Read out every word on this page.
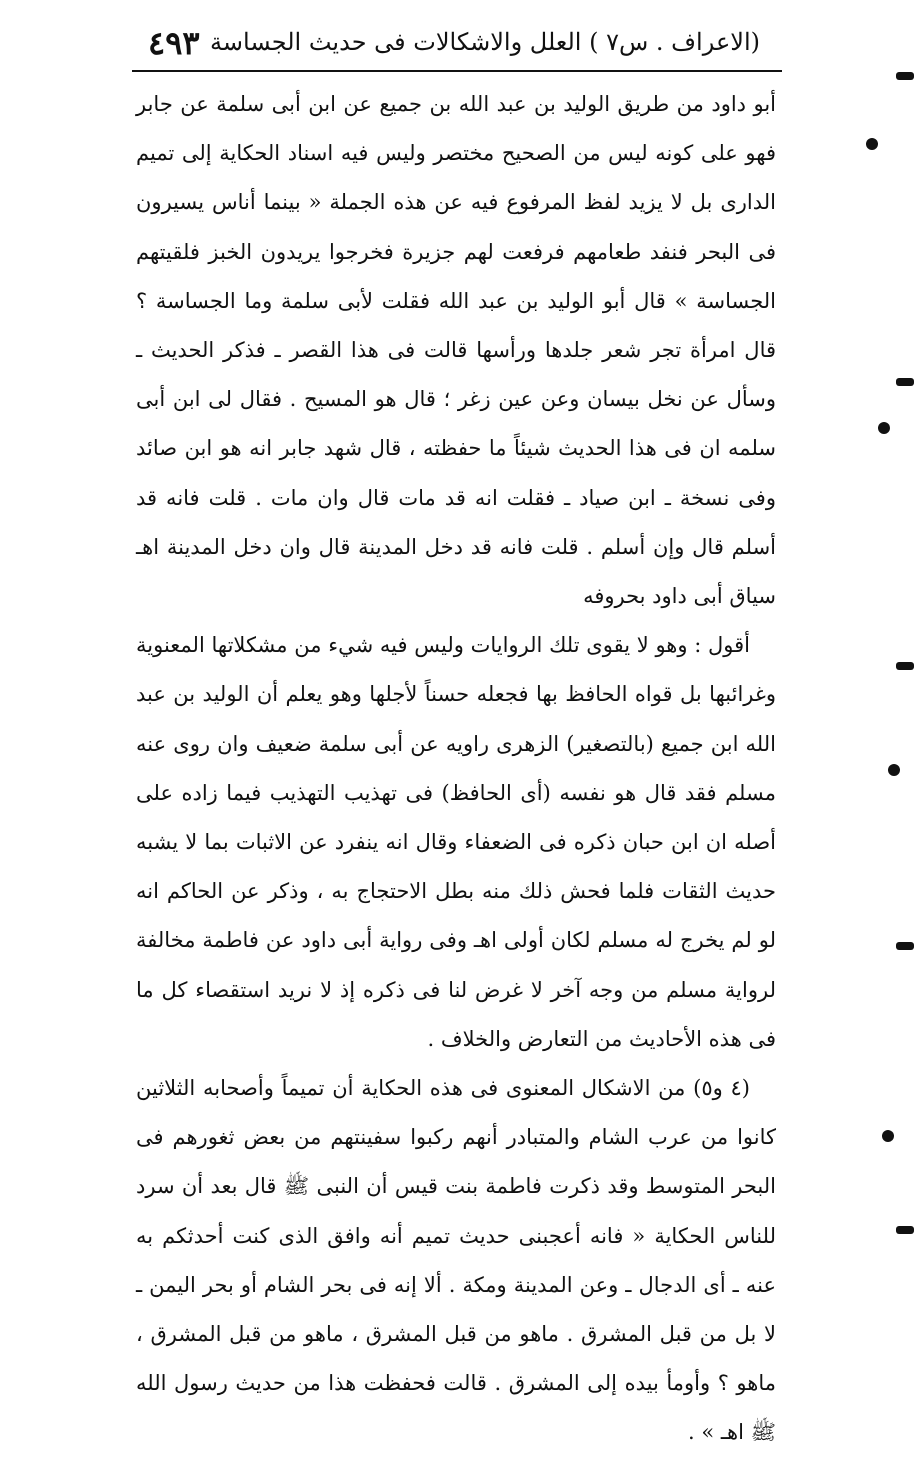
(الاعراف . س٧ ) العلل والاشكالات فى حديث الجساسة
٤٩٣

أبو داود من طريق الوليد بن عبد الله بن جميع عن ابن أبى سلمة عن جابر فهو على كونه ليس من الصحيح مختصر وليس فيه اسناد الحكاية إلى تميم الدارى بل لا يزيد لفظ المرفوع فيه عن هذه الجملة « بينما أناس يسيرون فى البحر فنفد طعامهم فرفعت لهم جزيرة فخرجوا يريدون الخبز فلقيتهم الجساسة » قال أبو الوليد بن عبد الله فقلت لأبى سلمة وما الجساسة ؟ قال امرأة تجر شعر جلدها ورأسها قالت فى هذا القصر ـ فذكر الحديث ـ وسأل عن نخل بيسان وعن عين زغر ؛ قال هو المسيح . فقال لى ابن أبى سلمه ان فى هذا الحديث شيئاً ما حفظته ، قال شهد جابر انه هو ابن صائد وفى نسخة ـ ابن صياد ـ فقلت انه قد مات قال وان مات . قلت فانه قد أسلم قال وإن أسلم . قلت فانه قد دخل المدينة قال وان دخل المدينة اهـ سياق أبى داود بحروفه

أقول : وهو لا يقوى تلك الروايات وليس فيه شيء من مشكلاتها المعنوية وغرائبها بل قواه الحافظ بها فجعله حسناً لأجلها وهو يعلم أن الوليد بن عبد الله ابن جميع (بالتصغير) الزهرى راويه عن أبى سلمة ضعيف وان روى عنه مسلم فقد قال هو نفسه (أى الحافظ) فى تهذيب التهذيب فيما زاده على أصله ان ابن حبان ذكره فى الضعفاء وقال انه ينفرد عن الاثبات بما لا يشبه حديث الثقات فلما فحش ذلك منه بطل الاحتجاج به ، وذكر عن الحاكم انه لو لم يخرج له مسلم لكان أولى اهـ وفى رواية أبى داود عن فاطمة مخالفة لرواية مسلم من وجه آخر لا غرض لنا فى ذكره إذ لا نريد استقصاء كل ما فى هذه الأحاديث من التعارض والخلاف .

(٤ و٥) من الاشكال المعنوى فى هذه الحكاية أن تميماً وأصحابه الثلاثين كانوا من عرب الشام والمتبادر أنهم ركبوا سفينتهم من بعض ثغورهم فى البحر المتوسط وقد ذكرت فاطمة بنت قيس أن النبى ﷺ قال بعد أن سرد للناس الحكاية « فانه أعجبنى حديث تميم أنه وافق الذى كنت أحدثكم به عنه ـ أى الدجال ـ وعن المدينة ومكة . ألا إنه فى بحر الشام أو بحر اليمن ـ لا بل من قبل المشرق . ماهو من قبل المشرق ، ماهو من قبل المشرق ، ماهو ؟ وأومأ بيده إلى المشرق . قالت فحفظت هذا من حديث رسول الله ﷺ اهـ » .
